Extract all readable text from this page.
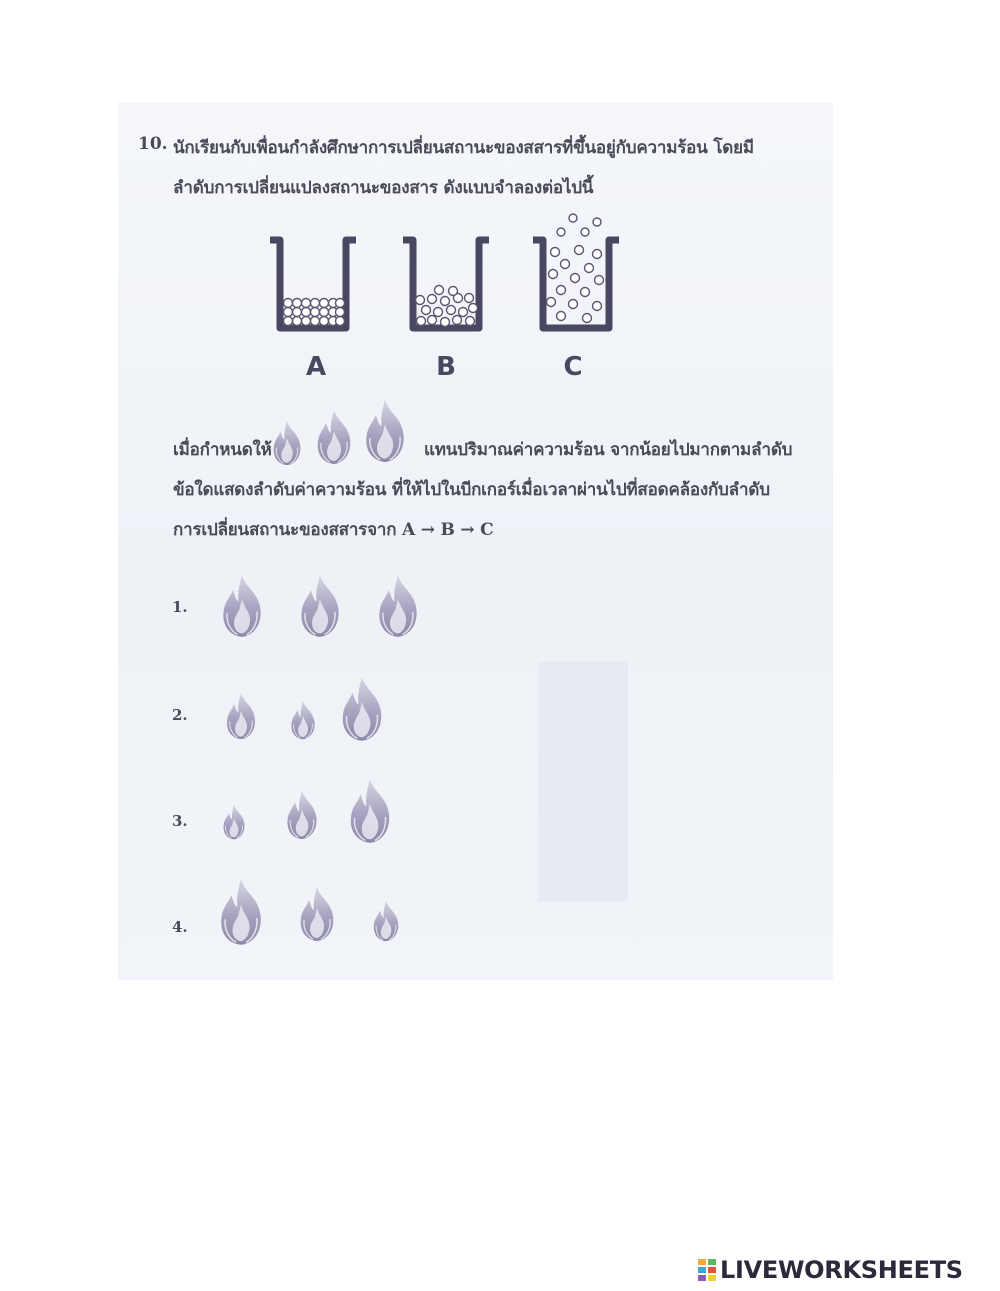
10. นักเรียนกับเพื่อนกำลังศึกษาการเปลี่ยนสถานะของสสารที่ขึ้นอยู่กับความร้อน โดยมี
ลำดับการเปลี่ยนแปลงสถานะของสาร ดังแบบจำลองต่อไปนี้
A	B	C
เมื่อกำหนดให้	แทนปริมาณค่าความร้อน จากน้อยไปมากตามลำดับ
ข้อใดแสดงลำดับค่าความร้อน ที่ให้ไปในบีกเกอร์เมื่อเวลาผ่านไปที่สอดคล้องกับลำดับ
การเปลี่ยนสถานะของสสารจาก A → B → C
1.
2.
3.
4.
LIVEWORKSHEETS
